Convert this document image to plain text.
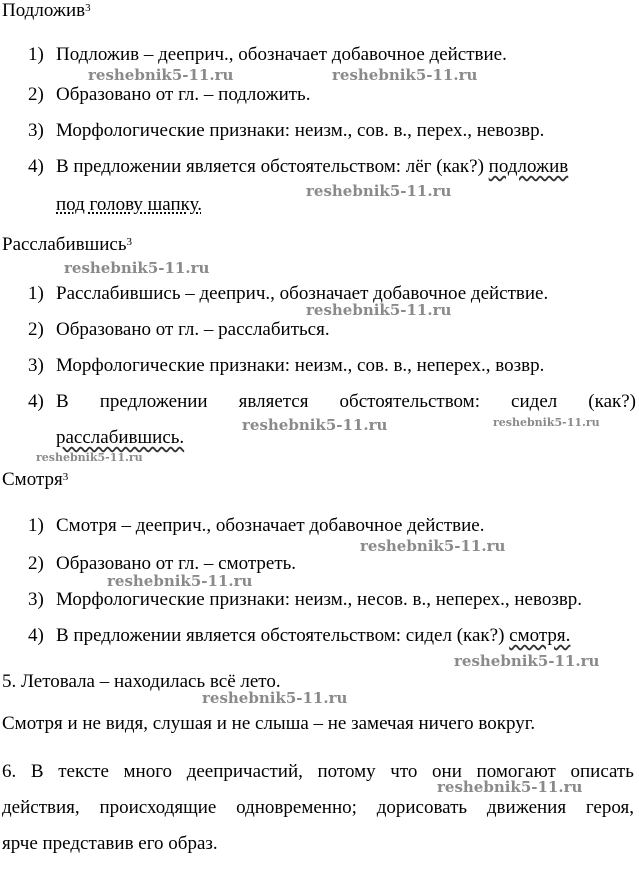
Подложив$^3$
1) Подложив – дееприч., обозначает добавочное действие.
2) Образовано от гл. – подложить.
3) Морфологические признаки: неизм., сов. в., перех., невозвр.
4) В предложении является обстоятельством: лёг (как?) подложив
под голову шапку.
Расслабившись$^3$
1) Расслабившись – дееприч., обозначает добавочное действие.
2) Образовано от гл. – расслабиться.
3) Морфологические признаки: неизм., сов. в., неперех., возвр.
4) В предложении является обстоятельством: сидел (как?)
расслабившись.
Смотря$^3$
1) Смотря – дееприч., обозначает добавочное действие.
2) Образовано от гл. – смотреть.
3) Морфологические признаки: неизм., несов. в., неперех., невозвр.
4) В предложении является обстоятельством: сидел (как?) смотря.
5. Летовала – находилась всё лето.
Смотря и не видя, слушая и не слыша – не замечая ничего вокруг.
6. В тексте много деепричастий, потому что они помогают описать
действия, происходящие одновременно; дорисовать движения героя,
ярче представив его образ.
reshebnik5-11.ru	reshebnik5-11.ru
reshebnik5-11.ru
reshebnik5-11.ru
reshebnik5-11.ru
reshebnik5-11.ru	reshebnik5-11.ru
reshebnik5-11.ru
reshebnik5-11.ru
reshebnik5-11.ru
reshebnik5-11.ru
reshebnik5-11.ru
reshebnik5-11.ru
